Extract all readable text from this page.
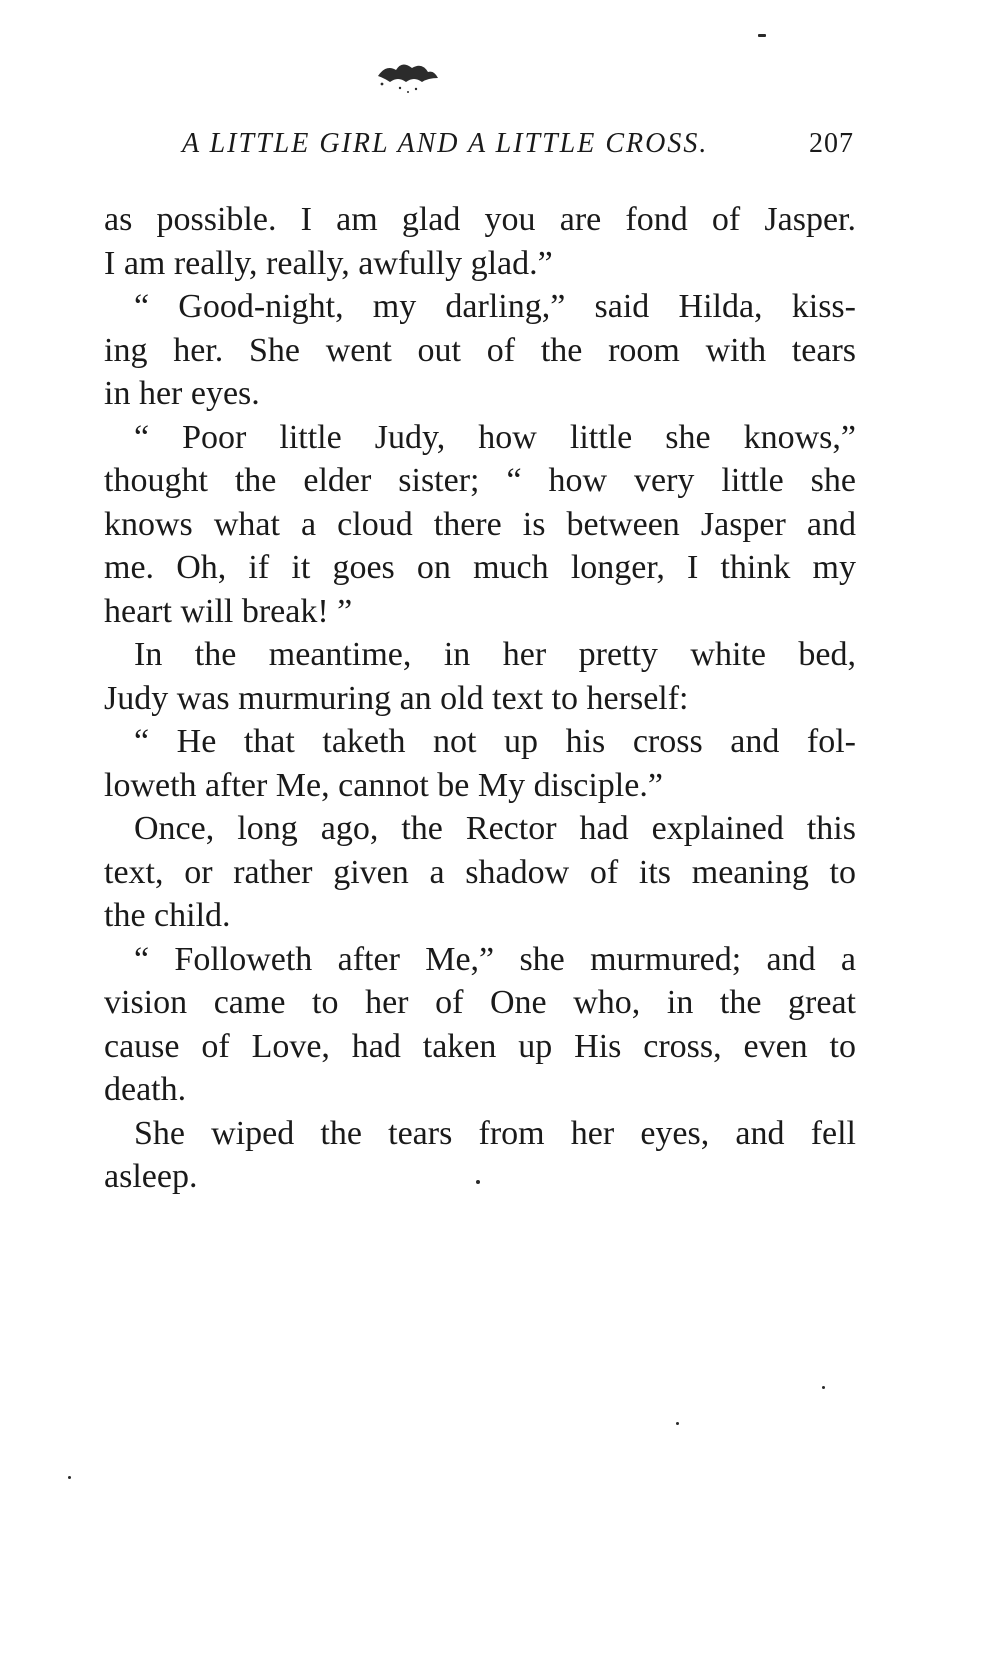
A LITTLE GIRL AND A LITTLE CROSS.	207
as possible. I am glad you are fond of Jasper.
I am really, really, awfully glad.”
“ Good-night, my darling,” said Hilda, kiss-
ing her. She went out of the room with tears
in her eyes.
“ Poor little Judy, how little she knows,”
thought the elder sister; “ how very little she
knows what a cloud there is between Jasper and
me. Oh, if it goes on much longer, I think my
heart will break! ”
In the meantime, in her pretty white bed,
Judy was murmuring an old text to herself:
“ He that taketh not up his cross and fol-
loweth after Me, cannot be My disciple.”
Once, long ago, the Rector had explained this
text, or rather given a shadow of its meaning to
the child.
“ Followeth after Me,” she murmured; and a
vision came to her of One who, in the great
cause of Love, had taken up His cross, even to
death.
She wiped the tears from her eyes, and fell
asleep.
